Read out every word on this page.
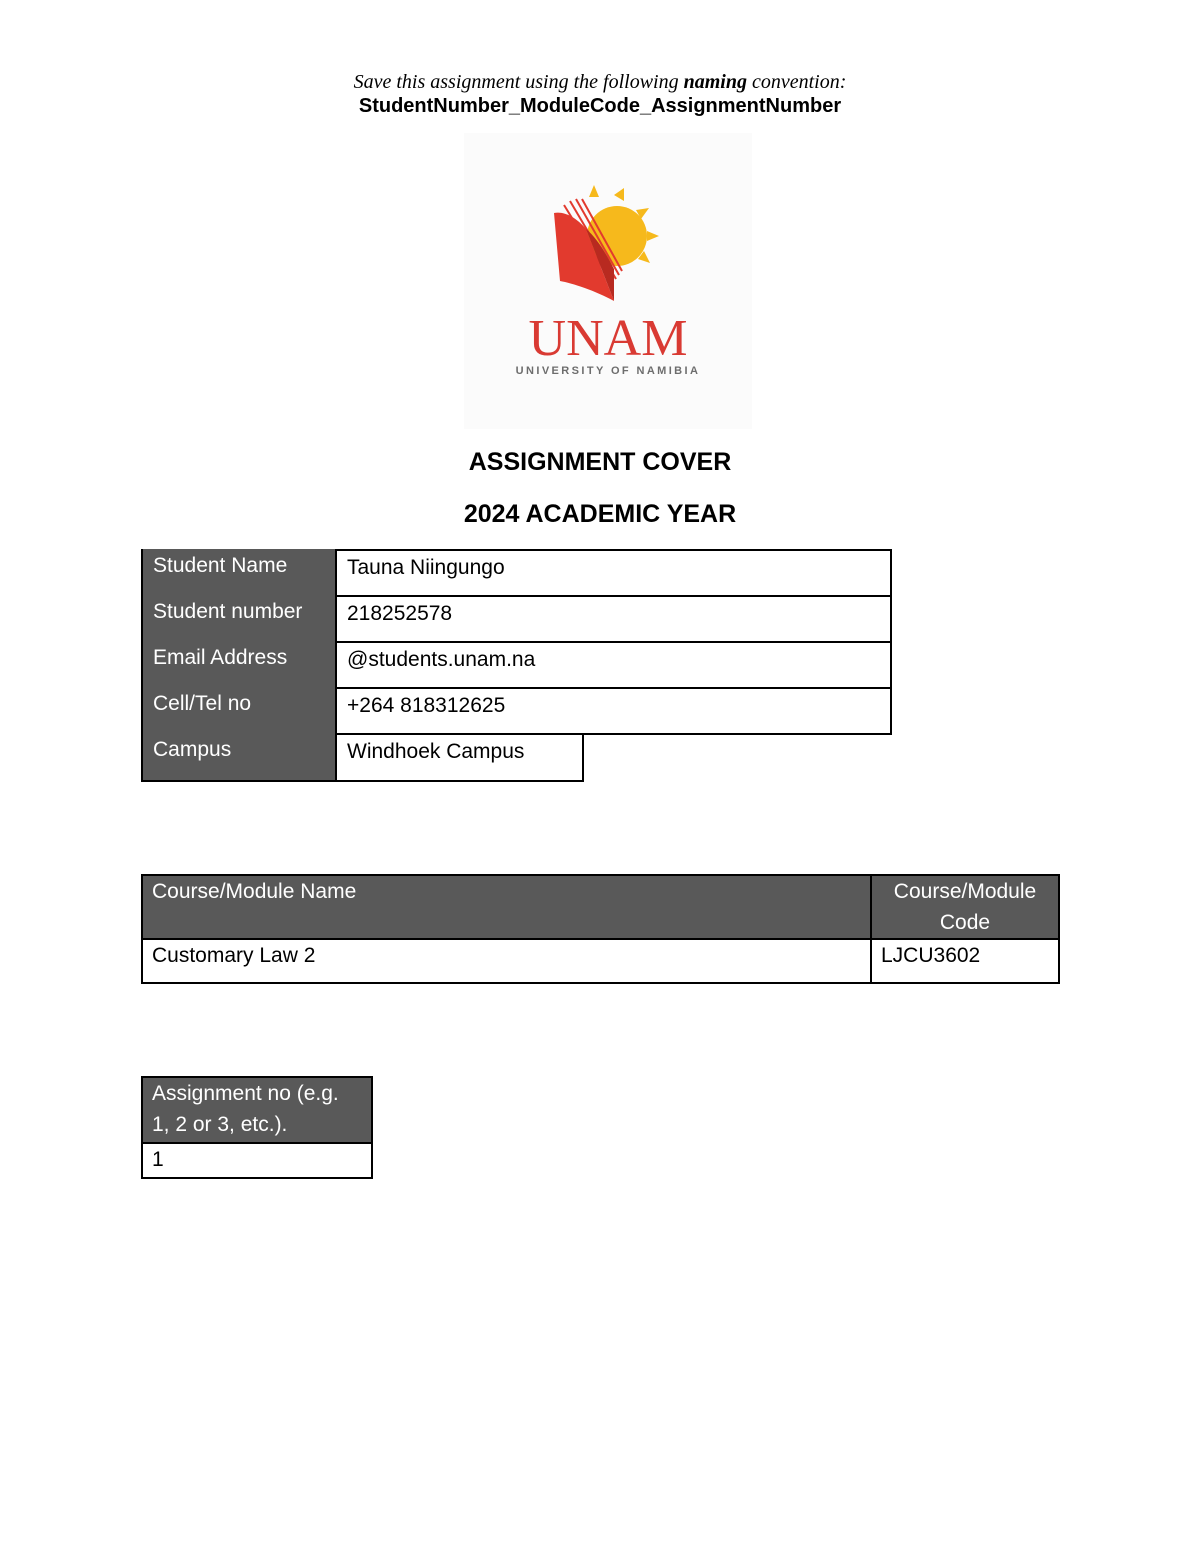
Save this assignment using the following naming convention:
StudentNumber_ModuleCode_AssignmentNumber
UNAM
UNIVERSITY OF NAMIBIA
ASSIGNMENT COVER
2024 ACADEMIC YEAR
Student Name	Tauna Niingungo
Student number	218252578
Email Address	@students.unam.na
Cell/Tel no	+264 818312625
Campus	Windhoek Campus
Course/Module Name	Course/Module Code
Customary Law 2	LJCU3602
Assignment no (e.g. 1, 2 or 3, etc.).
1
